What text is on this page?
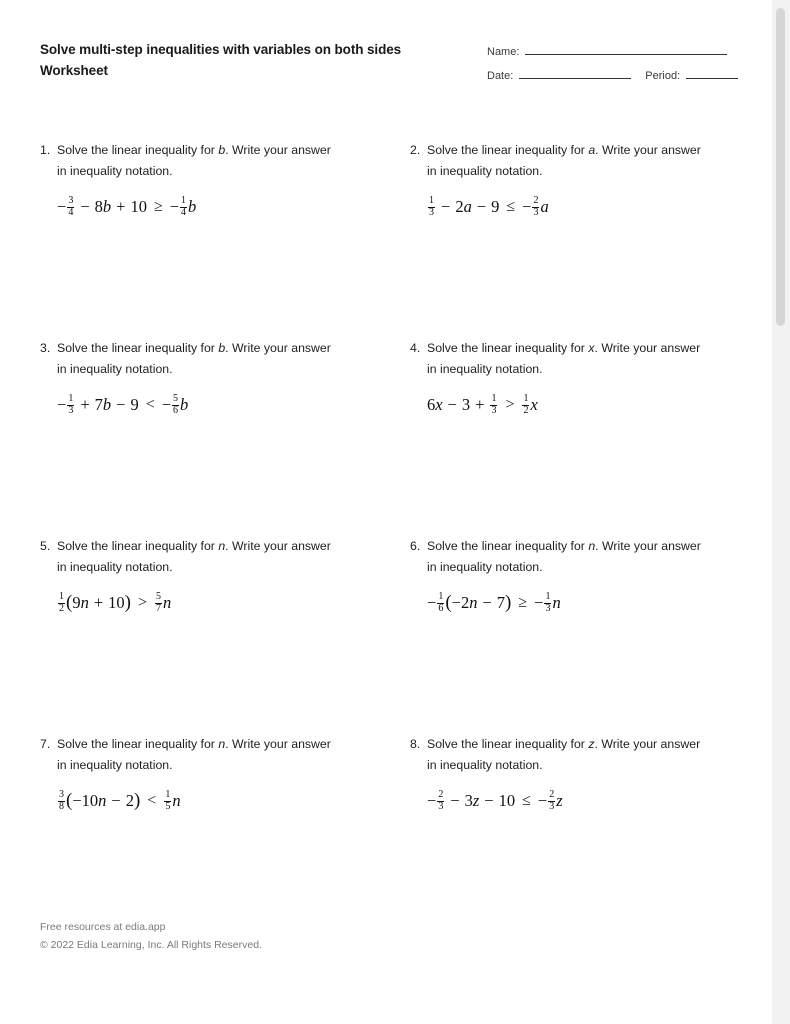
Solve multi-step inequalities with variables on both sides
Worksheet
Name:
Date:	Period:
1. Solve the linear inequality for b. Write your answer in inequality notation.
− $\frac{3}{4} - 8$ b + 10 ≥ − $\frac{1}{4}$ b
2. Solve the linear inequality for a. Write your answer in inequality notation.
$\frac{1}{3} - 2$ a − 9 ≤ − $\frac{2}{3}$ a
3. Solve the linear inequality for b. Write your answer in inequality notation.
− $\frac{1}{3} + 7$ b − 9 < − $\frac{5}{6}$ b
4. Solve the linear inequality for x. Write your answer in inequality notation.
6 $x - 3 + \frac{1}{3} > \frac{1}{2}$ x
5. Solve the linear inequality for n. Write your answer in inequality notation.
$\frac{1}{2}$ ( 9 n + 10 ) > $\frac{5}{7}$ n
6. Solve the linear inequality for n. Write your answer in inequality notation.
− $\frac{1}{6}$ ( − 2 n − 7 ) ≥ − $\frac{1}{3}$ n
7. Solve the linear inequality for n. Write your answer in inequality notation.
$\frac{3}{8}$ ( − 10 n − 2 ) < $\frac{1}{5}$ n
8. Solve the linear inequality for z. Write your answer in inequality notation.
− $\frac{2}{3} - 3$ z − 10 ≤ − $\frac{2}{3}$ z
Free resources at edia.app
© 2022 Edia Learning, Inc. All Rights Reserved.
